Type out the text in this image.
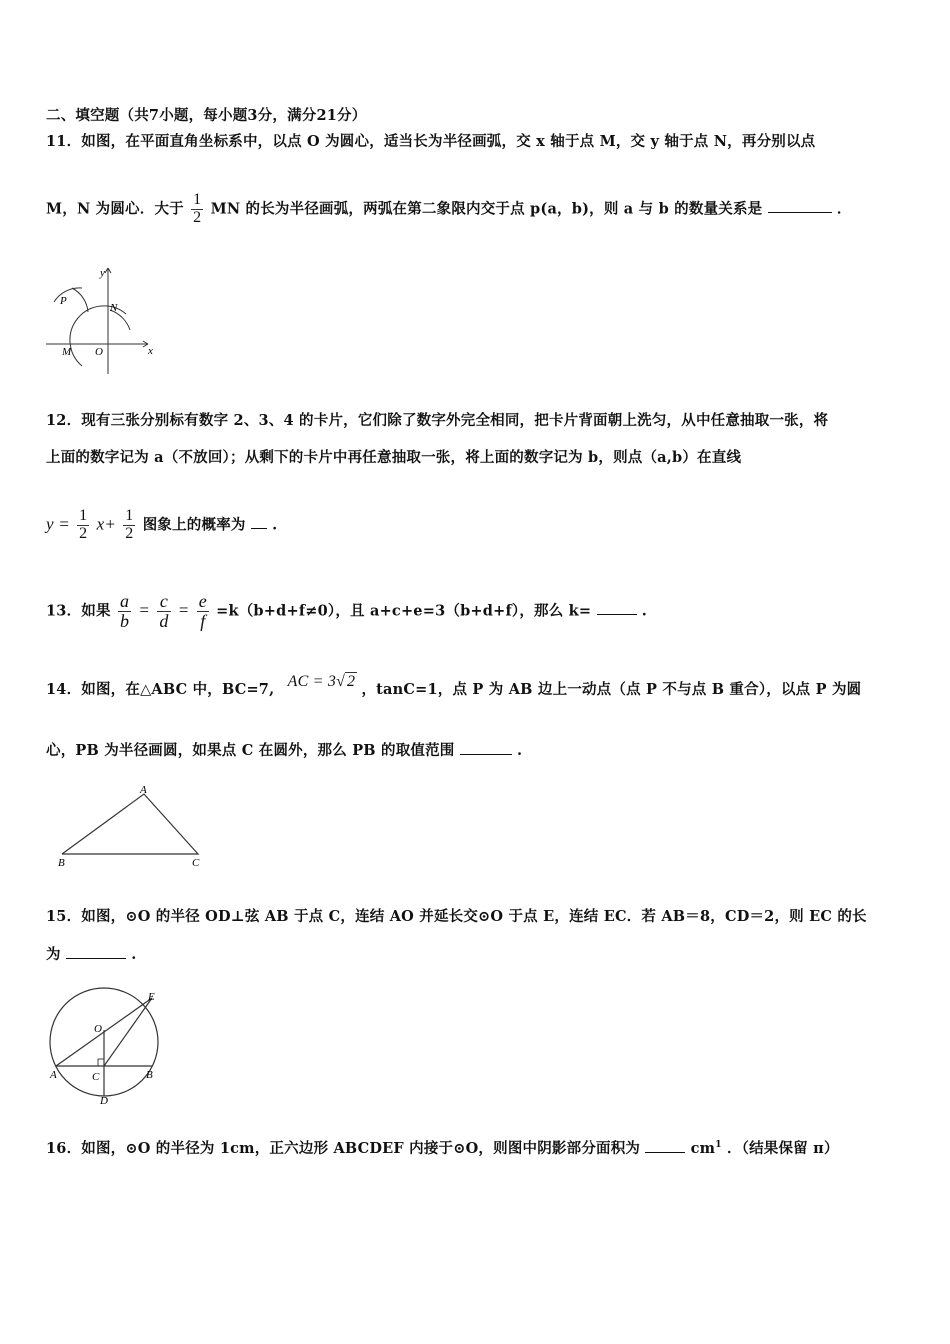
二、填空题（共7小题，每小题3分，满分21分）
11．如图，在平面直角坐标系中，以点 O 为圆心，适当长为半径画弧，交 x 轴于点 M，交 y 轴于点 N，再分别以点
M，N 为圆心．大于 $\frac{1}{2}$ MN 的长为半径画弧，两弧在第二象限内交于点 p(a，b)，则 a 与 b 的数量关系是	．
y
x
P
N
M O
12．现有三张分别标有数字 2、3、4 的卡片，它们除了数字外完全相同，把卡片背面朝上洗匀，从中任意抽取一张，将
上面的数字记为 a（不放回）；从剩下的卡片中再任意抽取一张，将上面的数字记为 b，则点（a,b）在直线
$y = \frac{1}{2} x+ \frac{1}{2}$ 图象上的概率为 .
13．如果 $\frac{a}{b} = \frac{c}{d} = \frac{e}{f} =k(b+d+f\ne 0)$，且 a+c+e=3（b+d+f），那么 k=	.
14．如图，在△ABC 中，BC=7, AC = 3√ 2 ，tanC=1，点 P 为 AB 边上一动点（点 P 不与点 B 重合），以点 P 为圆
心，PB 为半径画圆，如果点 C 在圆外，那么 PB 的取值范围	.
A
B	C
15．如图，⊙O 的半径 OD⊥弦 AB 于点 C，连结 AO 并延长交⊙O 于点 E，连结 EC．若 AB＝8，CD＝2，则 EC 的长
为	.
E
O
A	C	B
D
16．如图，⊙O 的半径为 1cm，正六边形 ABCDEF 内接于⊙O，则图中阴影部分面积为	$cm^1$ ．（结果保留 π）
